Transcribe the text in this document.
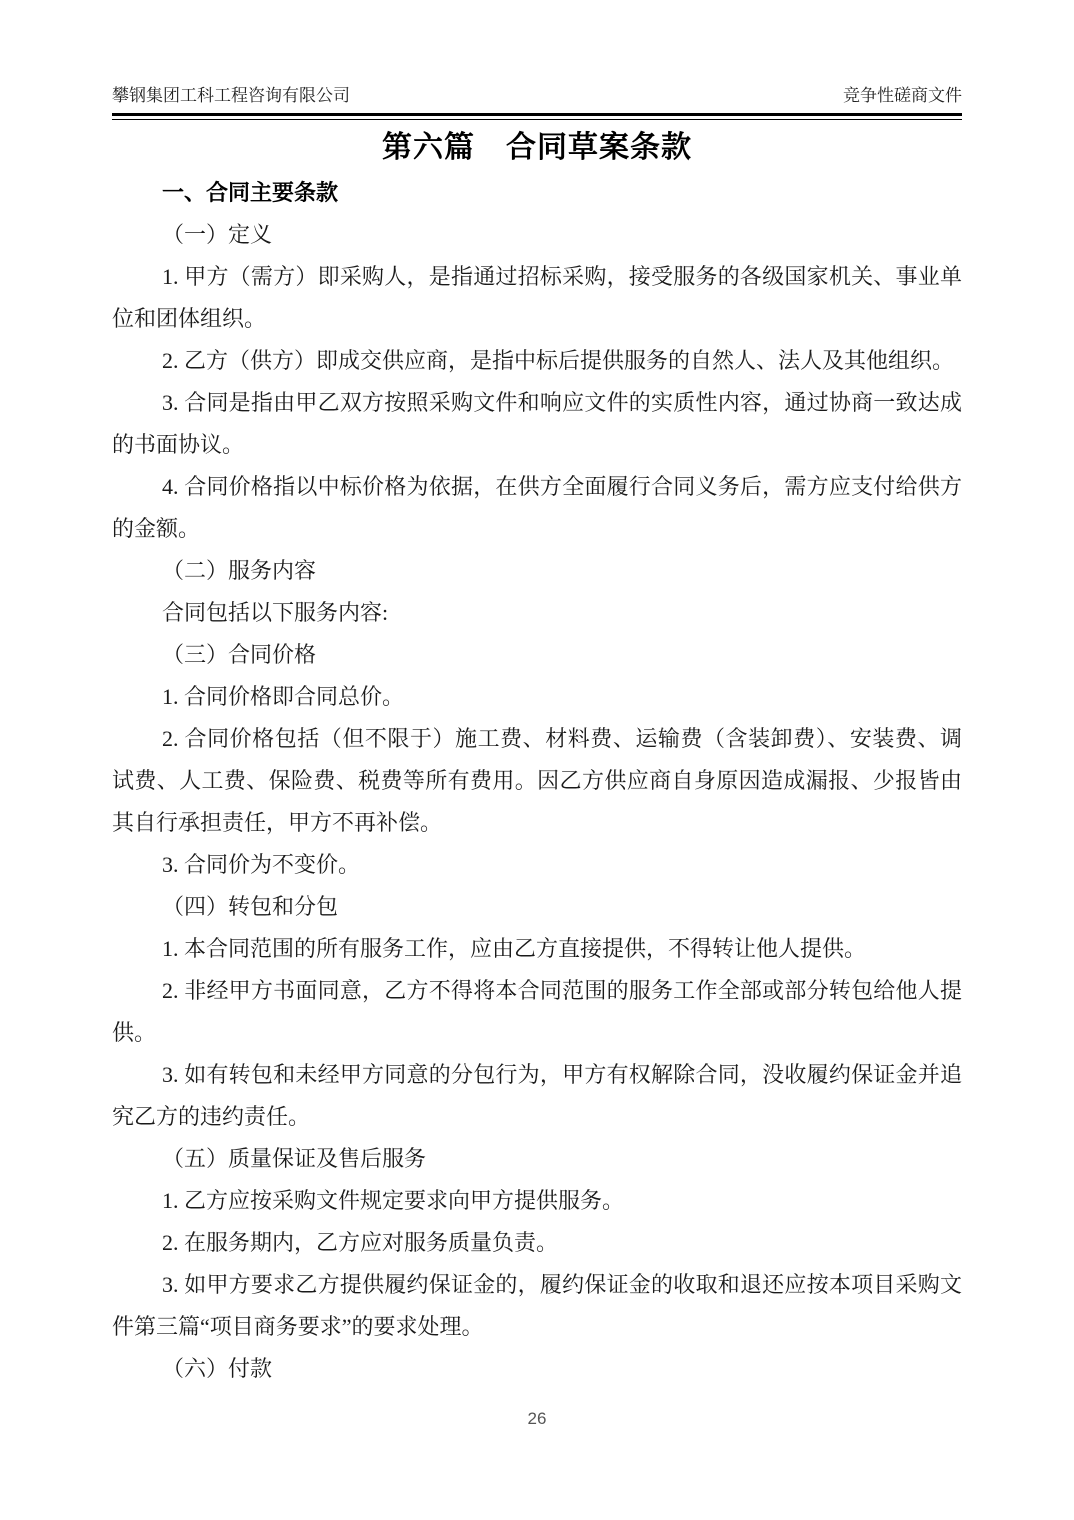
攀钢集团工科工程咨询有限公司	竞争性磋商文件
第六篇　合同草案条款

一、合同主要条款

（一）定义

1. 甲方（需方）即采购人，是指通过招标采购，接受服务的各级国家机关、事业单位和团体组织。

2. 乙方（供方）即成交供应商，是指中标后提供服务的自然人、法人及其他组织。

3. 合同是指由甲乙双方按照采购文件和响应文件的实质性内容，通过协商一致达成的书面协议。

4. 合同价格指以中标价格为依据，在供方全面履行合同义务后，需方应支付给供方的金额。

（二）服务内容

合同包括以下服务内容:

（三）合同价格

1. 合同价格即合同总价。

2. 合同价格包括（但不限于）施工费、材料费、运输费（含装卸费）、安装费、调试费、人工费、保险费、税费等所有费用。因乙方供应商自身原因造成漏报、少报皆由其自行承担责任，甲方不再补偿。

3. 合同价为不变价。

（四）转包和分包

1. 本合同范围的所有服务工作，应由乙方直接提供，不得转让他人提供。

2. 非经甲方书面同意，乙方不得将本合同范围的服务工作全部或部分转包给他人提供。

3. 如有转包和未经甲方同意的分包行为，甲方有权解除合同，没收履约保证金并追究乙方的违约责任。

（五）质量保证及售后服务

1. 乙方应按采购文件规定要求向甲方提供服务。

2. 在服务期内，乙方应对服务质量负责。

3. 如甲方要求乙方提供履约保证金的，履约保证金的收取和退还应按本项目采购文件第三篇“项目商务要求”的要求处理。

（六）付款

26
